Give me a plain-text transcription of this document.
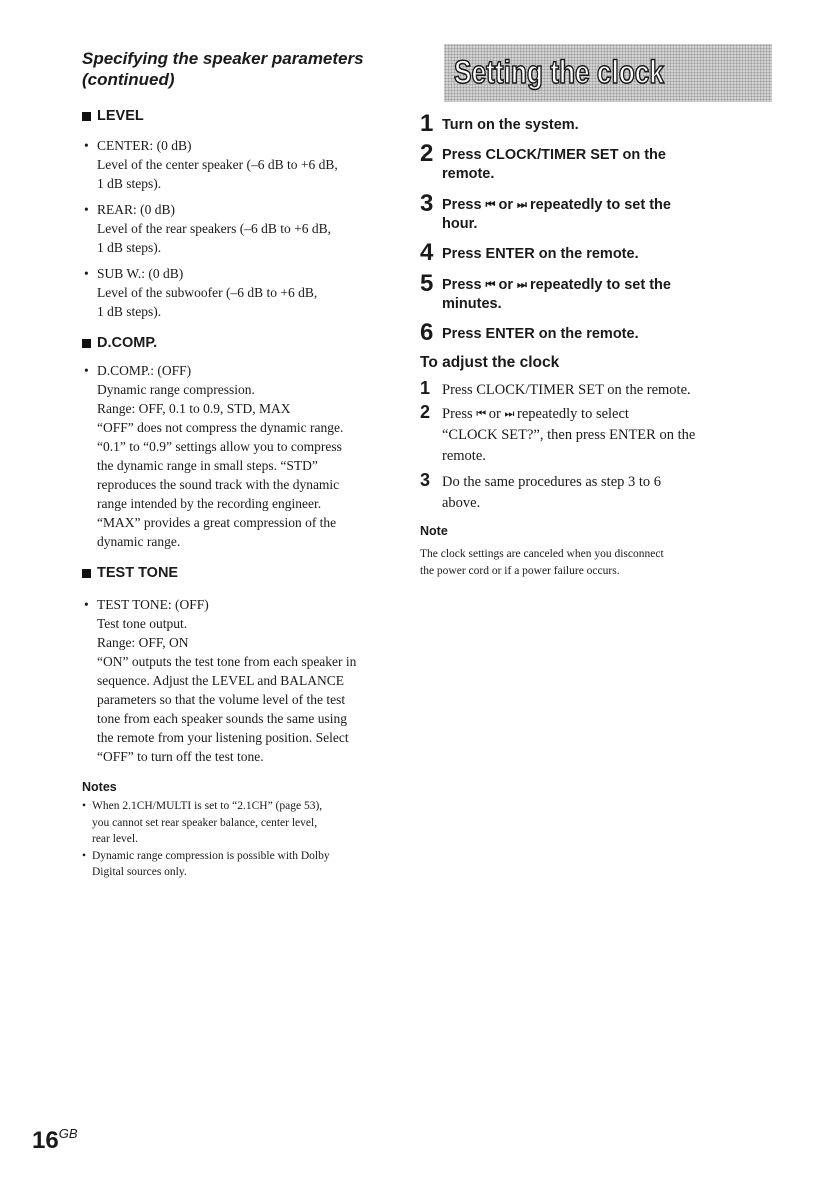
Specifying the speaker parameters
(continued)

LEVEL

• CENTER: (0 dB)
Level of the center speaker (–6 dB to +6 dB,
1 dB steps).
• REAR: (0 dB)
Level of the rear speakers (–6 dB to +6 dB,
1 dB steps).
• SUB W.: (0 dB)
Level of the subwoofer (–6 dB to +6 dB,
1 dB steps).

D.COMP.

• D.COMP.: (OFF)
Dynamic range compression.
Range: OFF, 0.1 to 0.9, STD, MAX
“OFF” does not compress the dynamic range.
“0.1” to “0.9” settings allow you to compress
the dynamic range in small steps. “STD”
reproduces the sound track with the dynamic
range intended by the recording engineer.
“MAX” provides a great compression of the
dynamic range.

TEST TONE

• TEST TONE: (OFF)
Test tone output.
Range: OFF, ON
“ON” outputs the test tone from each speaker in
sequence. Adjust the LEVEL and BALANCE
parameters so that the volume level of the test
tone from each speaker sounds the same using
the remote from your listening position. Select
“OFF” to turn off the test tone.

Notes

• When 2.1CH/MULTI is set to “2.1CH” (page 53),
you cannot set rear speaker balance, center level,
rear level.
• Dynamic range compression is possible with Dolby
Digital sources only.
Setting the clock
1 Turn on the system.
2 Press CLOCK/TIMER SET on the
remote.
3 Press ⏮ or ⏭ repeatedly to set the
hour.
4 Press ENTER on the remote.
5 Press ⏮ or ⏭ repeatedly to set the
minutes.
6 Press ENTER on the remote.

To adjust the clock

1 Press CLOCK/TIMER SET on the remote.
2 Press ⏮ or ⏭ repeatedly to select
“CLOCK SET?”, then press ENTER on the
remote.
3 Do the same procedures as step 3 to 6
above.

Note

The clock settings are canceled when you disconnect
the power cord or if a power failure occurs.

$16^{GB}$
